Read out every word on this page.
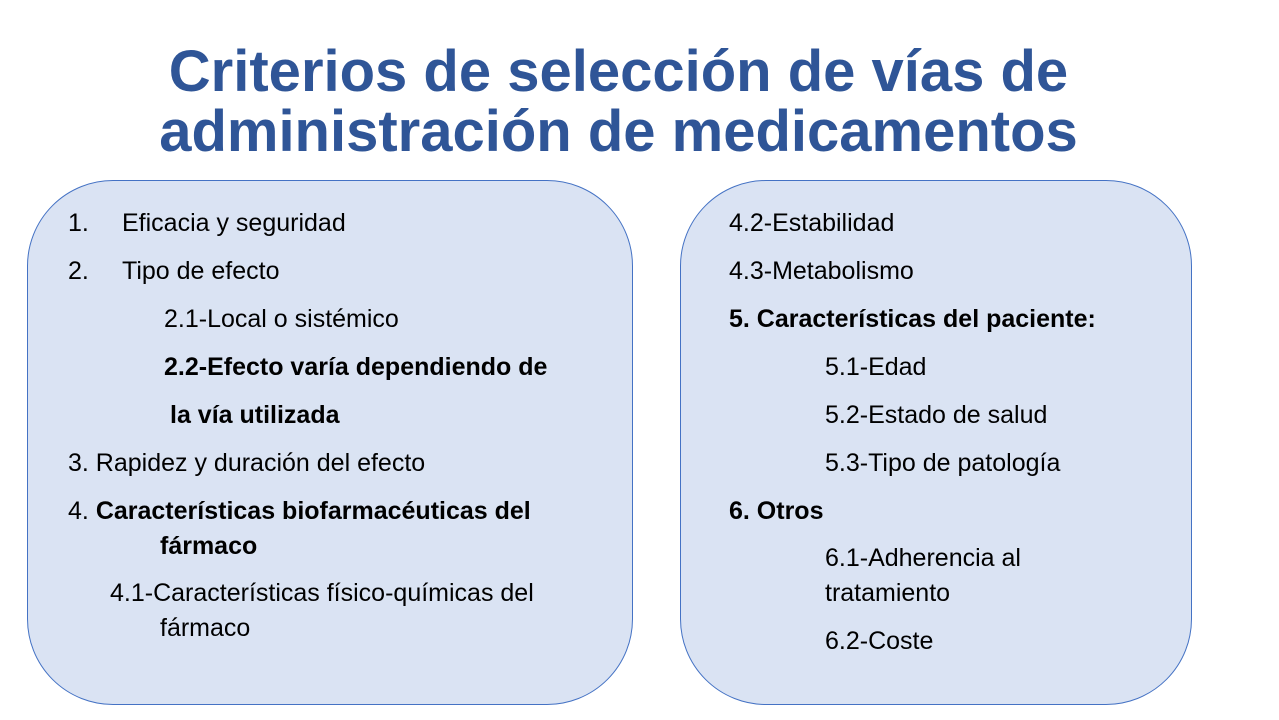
Criterios de selección de vías de
administración de medicamentos
1. Eficacia y seguridad
2. Tipo de efecto
2.1-Local o sistémico
2.2-Efecto varía dependiendo de
la vía utilizada
3. Rapidez y duración del efecto
4. Características biofarmacéuticas del
fármaco
4.1-Características físico-químicas del
fármaco
4.2-Estabilidad
4.3-Metabolismo
5. Características del paciente:
5.1-Edad
5.2-Estado de salud
5.3-Tipo de patología
6. Otros
6.1-Adherencia al
tratamiento
6.2-Coste
